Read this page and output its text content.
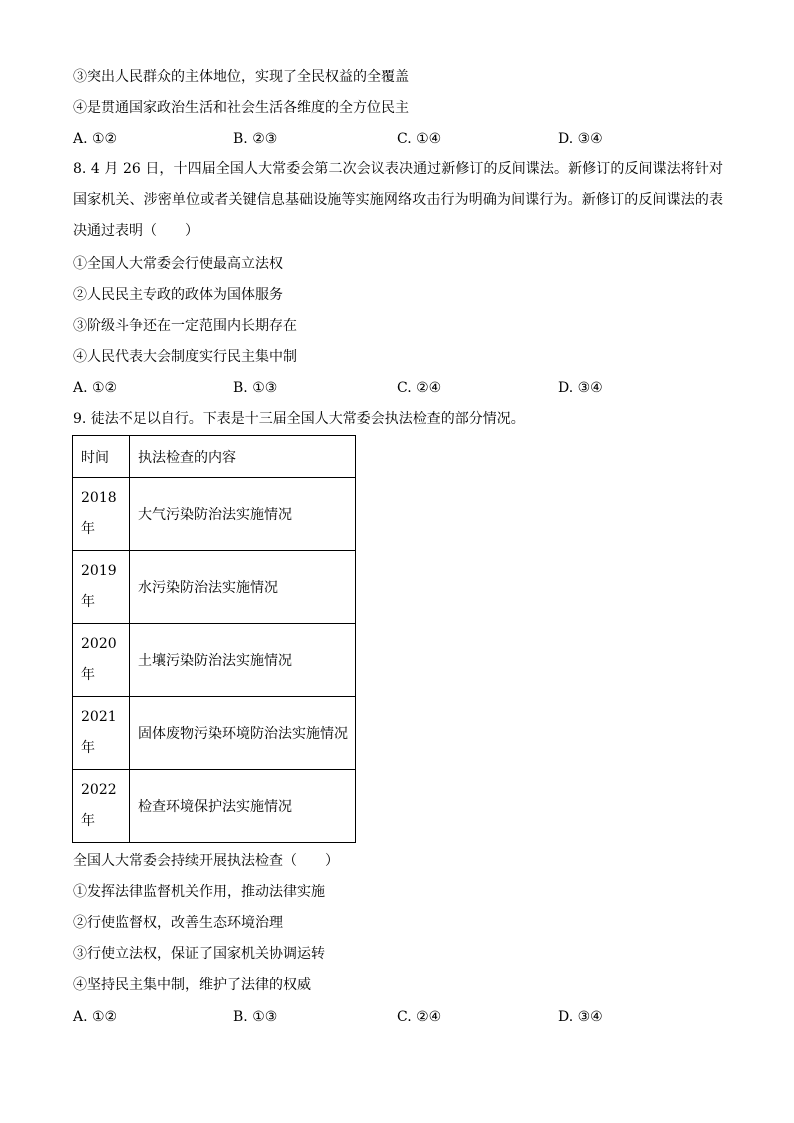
③突出人民群众的主体地位，实现了全民权益的全覆盖
④是贯通国家政治生活和社会生活各维度的全方位民主
A. ①②	B. ②③	C. ①④	D. ③④
8. 4 月 26 日，十四届全国人大常委会第二次会议表决通过新修订的反间谍法。新修订的反间谍法将针对国家机关、涉密单位或者关键信息基础设施等实施网络攻击行为明确为间谍行为。新修订的反间谍法的表决通过表明（　　）
①全国人大常委会行使最高立法权
②人民民主专政的政体为国体服务
③阶级斗争还在一定范围内长期存在
④人民代表大会制度实行民主集中制
A. ①②	B. ①③	C. ②④	D. ③④
9. 徒法不足以自行。下表是十三届全国人大常委会执法检查的部分情况。
时间	执法检查的内容

2018
年	大气污染防治法实施情况

2019
年	水污染防治法实施情况

2020
年	土壤污染防治法实施情况

2021
年	固体废物污染环境防治法实施情况

2022
年	检查环境保护法实施情况
全国人大常委会持续开展执法检查（　　）
①发挥法律监督机关作用，推动法律实施
②行使监督权，改善生态环境治理
③行使立法权，保证了国家机关协调运转
④坚持民主集中制，维护了法律的权威
A. ①②	B. ①③	C. ②④	D. ③④
